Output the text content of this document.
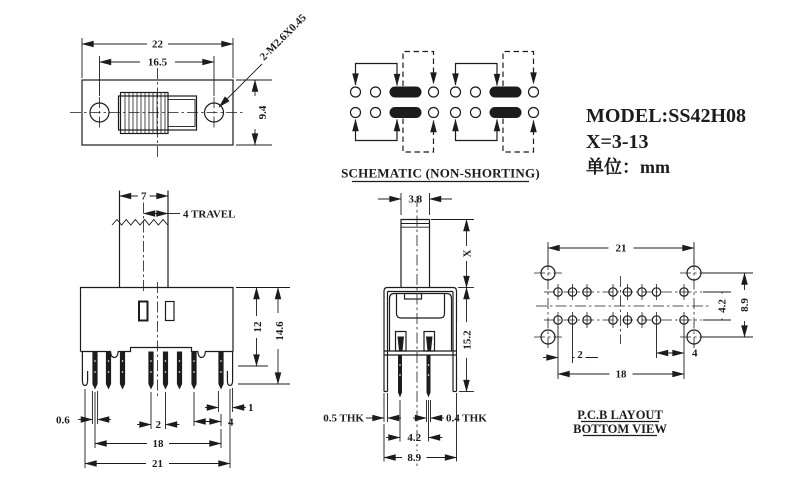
22
16.5
9.4
2-M2.6X0.45
SCHEMATIC (NON-SHORTING)
7
4 TRAVEL
12 14.6
0.6	2
1
4
18
21
3.8
X
15.2
0.5 THK	0.4 THK
4.2
8.9
21
4.2 8.9
2	4
18
P.C.B LAYOUT
BOTTOM VIEW
MODEL:SS42H08
X=3-13
单位：mm
